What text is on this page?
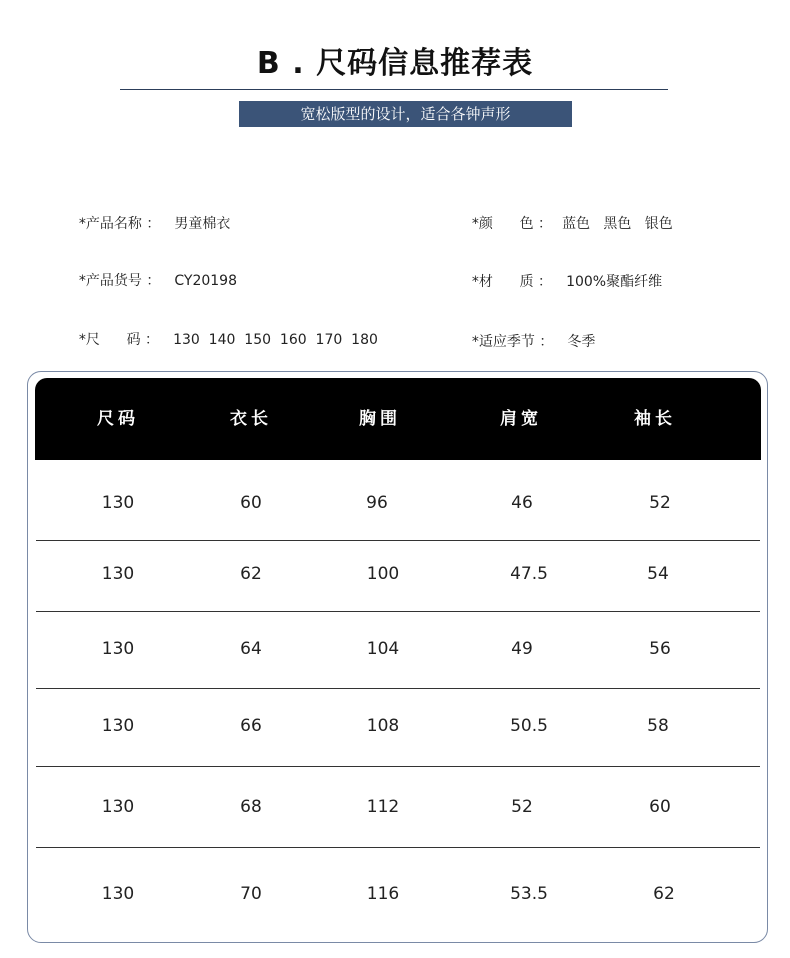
B . 尺码信息推荐表
宽松版型的设计，适合各钟声形

*产品名称 ： 男童棉衣

*产品货号 ： CY20198

*尺      码 ： 130  140  150  160  170  180

*颜      色 ： 蓝色   黑色   银色

*材      质 ： 100%聚酯纤维

*适应季节 ： 冬季

尺码	衣长	胸围	肩宽	袖长
130	60	96	46	52
130	62	100	47.5	54
130	64	104	49	56
130	66	108	50.5	58
130	68	112	52	60
130	70	116	53.5	62
